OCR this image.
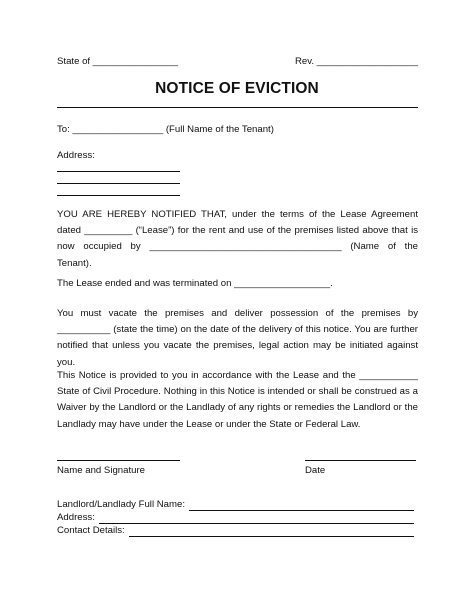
State of ________________	Rev. ___________________
NOTICE OF EVICTION
To: _________________ (Full Name of the Tenant)
Address:
YOU ARE HEREBY NOTIFIED THAT, under the terms of the Lease Agreement dated _________ (“Lease”) for the rent and use of the premises listed above that is now occupied by ____________________________________ (Name of the Tenant).
The Lease ended and was terminated on __________________.
You must vacate the premises and deliver possession of the premises by __________ (state the time) on the date of the delivery of this notice. You are further notified that unless you vacate the premises, legal action may be initiated against you.
This Notice is provided to you in accordance with the Lease and the ___________ State of Civil Procedure. Nothing in this Notice is intended or shall be construed as a Waiver by the Landlord or the Landlady of any rights or remedies the Landlord or the Landlady may have under the Lease or under the State or Federal Law.
Name and Signature	Date
Landlord/Landlady Full Name:
Address:
Contact Details:
